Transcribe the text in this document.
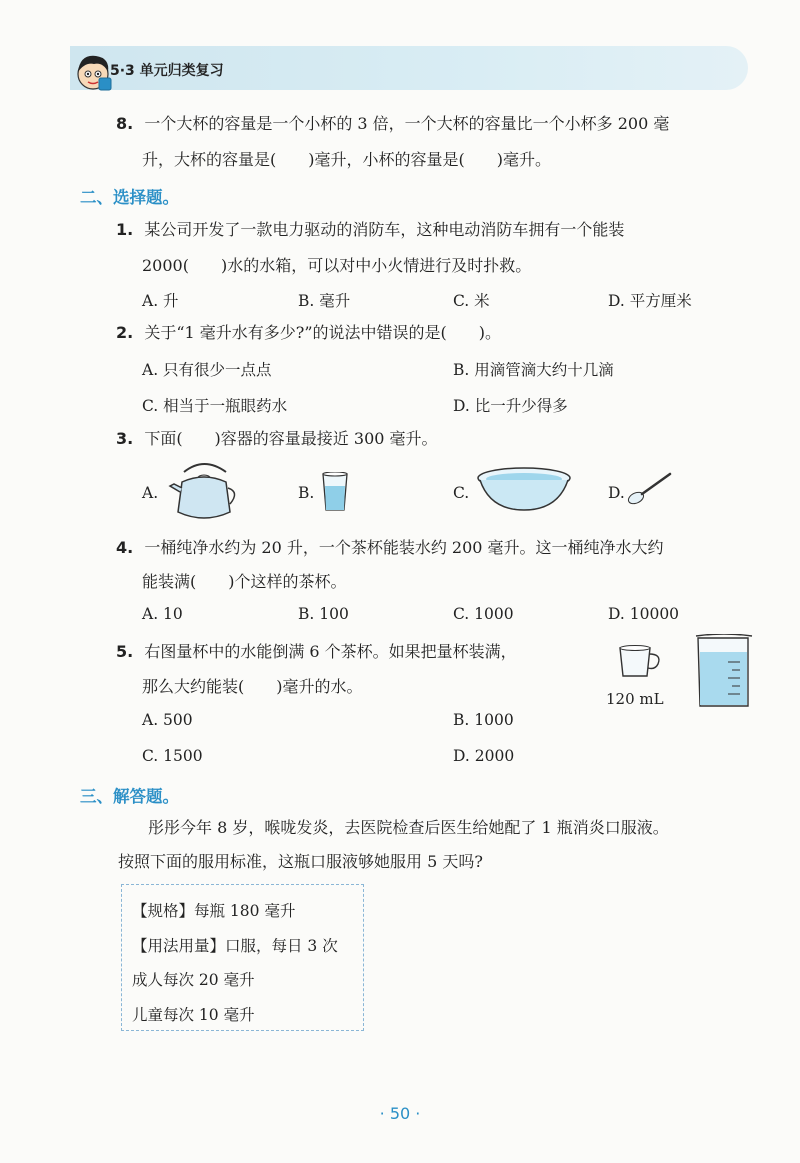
5·3 单元归类复习
8. 一个大杯的容量是一个小杯的 3 倍，一个大杯的容量比一个小杯多 200 毫
升，大杯的容量是(　　)毫升，小杯的容量是(　　)毫升。
二、选择题。
1. 某公司开发了一款电力驱动的消防车，这种电动消防车拥有一个能装
2000(　　)水的水箱，可以对中小火情进行及时扑救。
A. 升	B. 毫升	C. 米	D. 平方厘米
2. 关于“1 毫升水有多少?”的说法中错误的是(　　)。
A. 只有很少一点点	B. 用滴管滴大约十几滴
C. 相当于一瓶眼药水	D. 比一升少得多
3. 下面(　　)容器的容量最接近 300 毫升。
A.	B.	C.	D.
4. 一桶纯净水约为 20 升，一个茶杯能装水约 200 毫升。这一桶纯净水大约
能装满(　　)个这样的茶杯。
A. 10	B. 100	C. 1000	D. 10000
5. 右图量杯中的水能倒满 6 个茶杯。如果把量杯装满，
那么大约能装(　　)毫升的水。
A. 500	B. 1000
C. 1500	D. 2000
120 mL
三、解答题。
彤彤今年 8 岁，喉咙发炎，去医院检查后医生给她配了 1 瓶消炎口服液。
按照下面的服用标准，这瓶口服液够她服用 5 天吗?
【规格】每瓶 180 毫升
【用法用量】口服，每日 3 次
成人每次 20 毫升
儿童每次 10 毫升
· 50 ·
